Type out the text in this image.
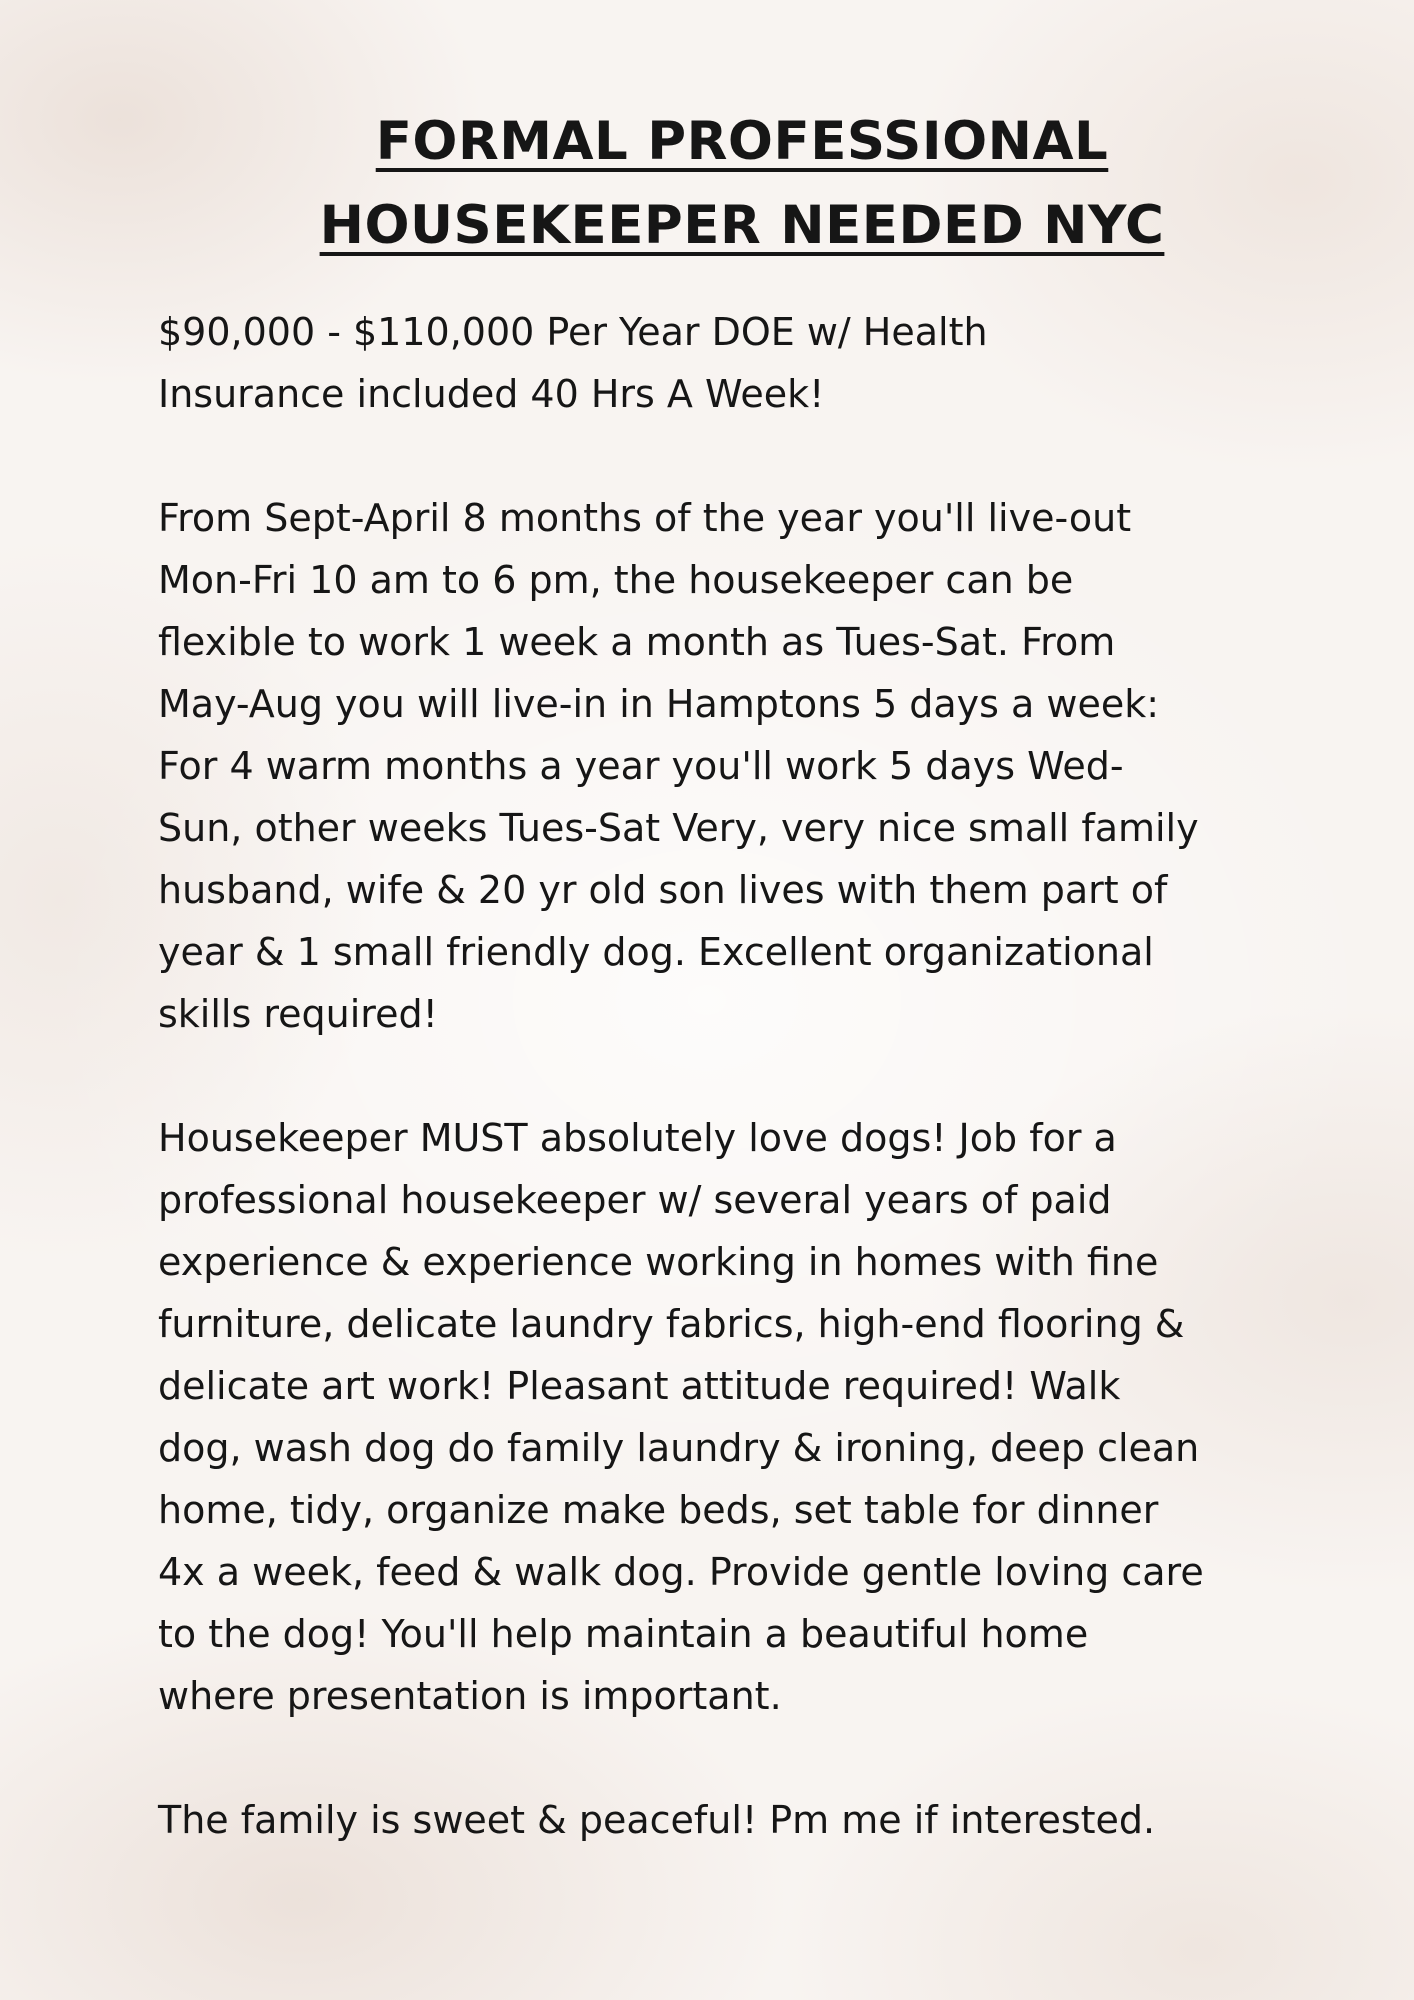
FORMAL PROFESSIONAL
HOUSEKEEPER NEEDED NYC
$90,000 - $110,000 Per Year DOE w/ Health
Insurance included 40 Hrs A Week!
From Sept-April 8 months of the year you'll live-out
Mon-Fri 10 am to 6 pm, the housekeeper can be
flexible to work 1 week a month as Tues-Sat. From
May-Aug you will live-in in Hamptons 5 days a week:
For 4 warm months a year you'll work 5 days Wed-
Sun, other weeks Tues-Sat Very, very nice small family
husband, wife & 20 yr old son lives with them part of
year & 1 small friendly dog. Excellent organizational
skills required!
Housekeeper MUST absolutely love dogs! Job for a
professional housekeeper w/ several years of paid
experience & experience working in homes with fine
furniture, delicate laundry fabrics, high-end flooring &
delicate art work! Pleasant attitude required! Walk
dog, wash dog do family laundry & ironing, deep clean
home, tidy, organize make beds, set table for dinner
4x a week, feed & walk dog. Provide gentle loving care
to the dog! You'll help maintain a beautiful home
where presentation is important.
The family is sweet & peaceful! Pm me if interested.
